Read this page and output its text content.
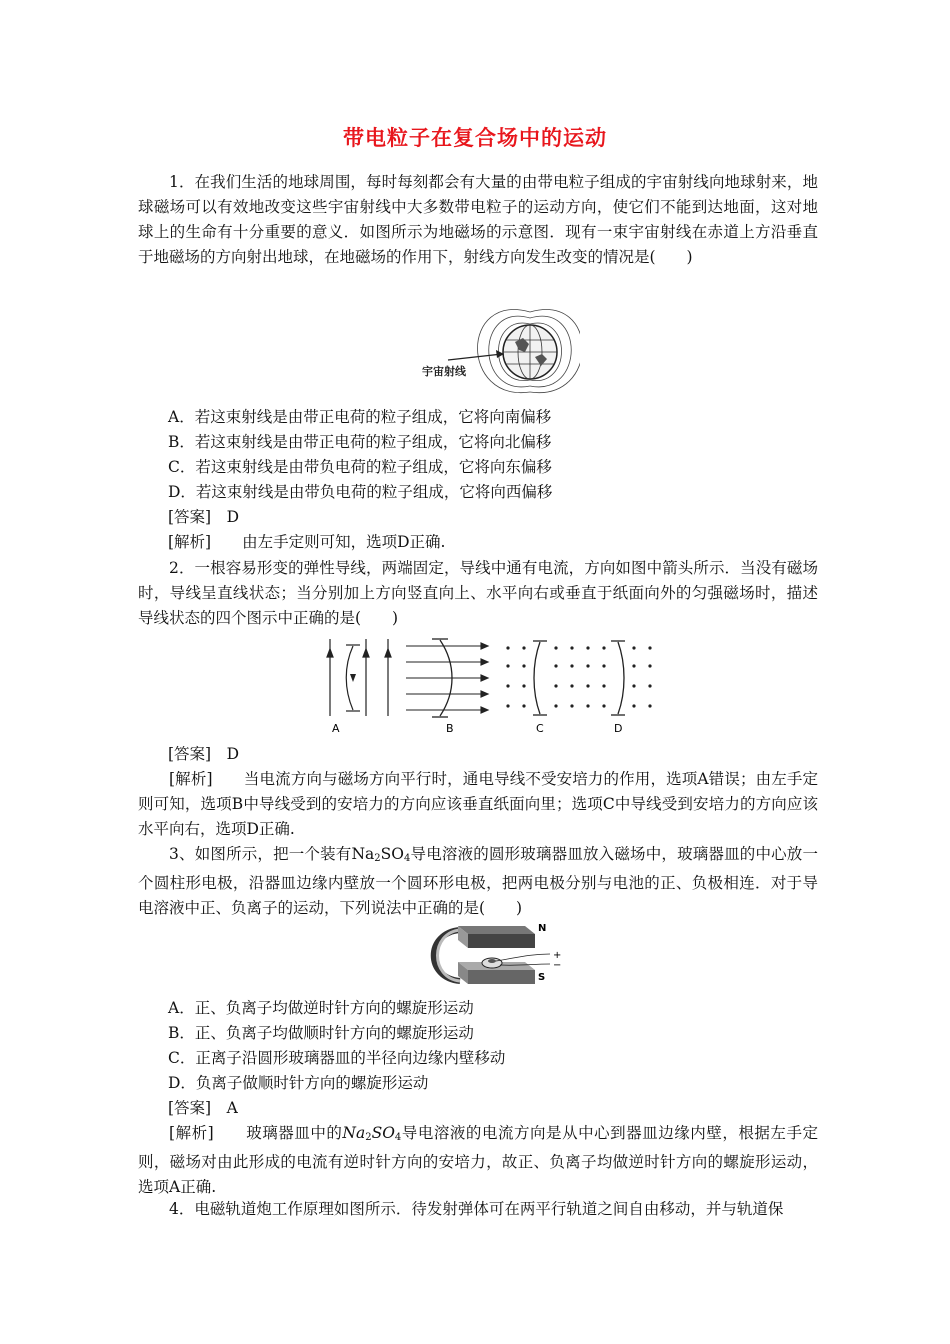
带电粒子在复合场中的运动

1．在我们生活的地球周围，每时每刻都会有大量的由带电粒子组成的宇宙射线向地球射来，地球磁场可以有效地改变这些宇宙射线中大多数带电粒子的运动方向，使它们不能到达地面，这对地球上的生命有十分重要的意义．如图所示为地磁场的示意图．现有一束宇宙射线在赤道上方沿垂直于地磁场的方向射出地球，在地磁场的作用下，射线方向发生改变的情况是(　　)

宇宙射线

A．若这束射线是由带正电荷的粒子组成，它将向南偏移

B．若这束射线是由带正电荷的粒子组成，它将向北偏移

C．若这束射线是由带负电荷的粒子组成，它将向东偏移

D．若这束射线是由带负电荷的粒子组成，它将向西偏移

[答案]　D

[解析]　　由左手定则可知，选项D正确.

2．一根容易形变的弹性导线，两端固定，导线中通有电流，方向如图中箭头所示．当没有磁场时，导线呈直线状态；当分别加上方向竖直向上、水平向右或垂直于纸面向外的匀强磁场时，描述导线状态的四个图示中正确的是(　　)

A	B	C	D

[答案]　D

[解析]　　当电流方向与磁场方向平行时，通电导线不受安培力的作用，选项A错误；由左手定则可知，选项B中导线受到的安培力的方向应该垂直纸面向里；选项C中导线受到安培力的方向应该水平向右，选项D正确.

3、如图所示，把一个装有$Na_2SO_4$导电溶液的圆形玻璃器皿放入磁场中，玻璃器皿的中心放一个圆柱形电极，沿器皿边缘内壁放一个圆环形电极，把两电极分别与电池的正、负极相连．对于导电溶液中正、负离子的运动，下列说法中正确的是(　　)

N
S
+
−

A．正、负离子均做逆时针方向的螺旋形运动

B．正、负离子均做顺时针方向的螺旋形运动

C．正离子沿圆形玻璃器皿的半径向边缘内壁移动

D．负离子做顺时针方向的螺旋形运动

[答案]　A

[解析]　　玻璃器皿中的$Na_2SO_4$导电溶液的电流方向是从中心到器皿边缘内壁，根据左手定则，磁场对由此形成的电流有逆时针方向的安培力，故正、负离子均做逆时针方向的螺旋形运动，选项A正确.

4．电磁轨道炮工作原理如图所示．待发射弹体可在两平行轨道之间自由移动，并与轨道保
